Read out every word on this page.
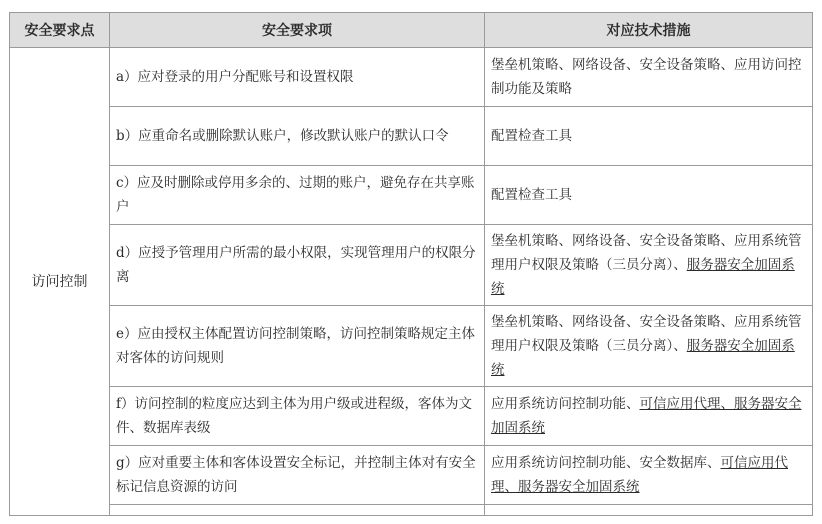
安全要求点	安全要求项	对应技术措施
访问控制	a）应对登录的用户分配账号和设置权限	堡垒机策略、网络设备、安全设备策略、应用访问控制功能及策略
	b）应重命名或删除默认账户，修改默认账户的默认口令	配置检查工具
	c）应及时删除或停用多余的、过期的账户，避免存在共享账户	配置检查工具
	d）应授予管理用户所需的最小权限，实现管理用户的权限分离	堡垒机策略、网络设备、安全设备策略、应用系统管理用户权限及策略（三员分离）、服务器安全加固系统
	e）应由授权主体配置访问控制策略，访问控制策略规定主体对客体的访问规则	堡垒机策略、网络设备、安全设备策略、应用系统管理用户权限及策略（三员分离）、服务器安全加固系统
	f）访问控制的粒度应达到主体为用户级或进程级，客体为文件、数据库表级	应用系统访问控制功能、可信应用代理、服务器安全加固系统
	g）应对重要主体和客体设置安全标记，并控制主体对有安全标记信息资源的访问	应用系统访问控制功能、安全数据库、可信应用代理、服务器安全加固系统
